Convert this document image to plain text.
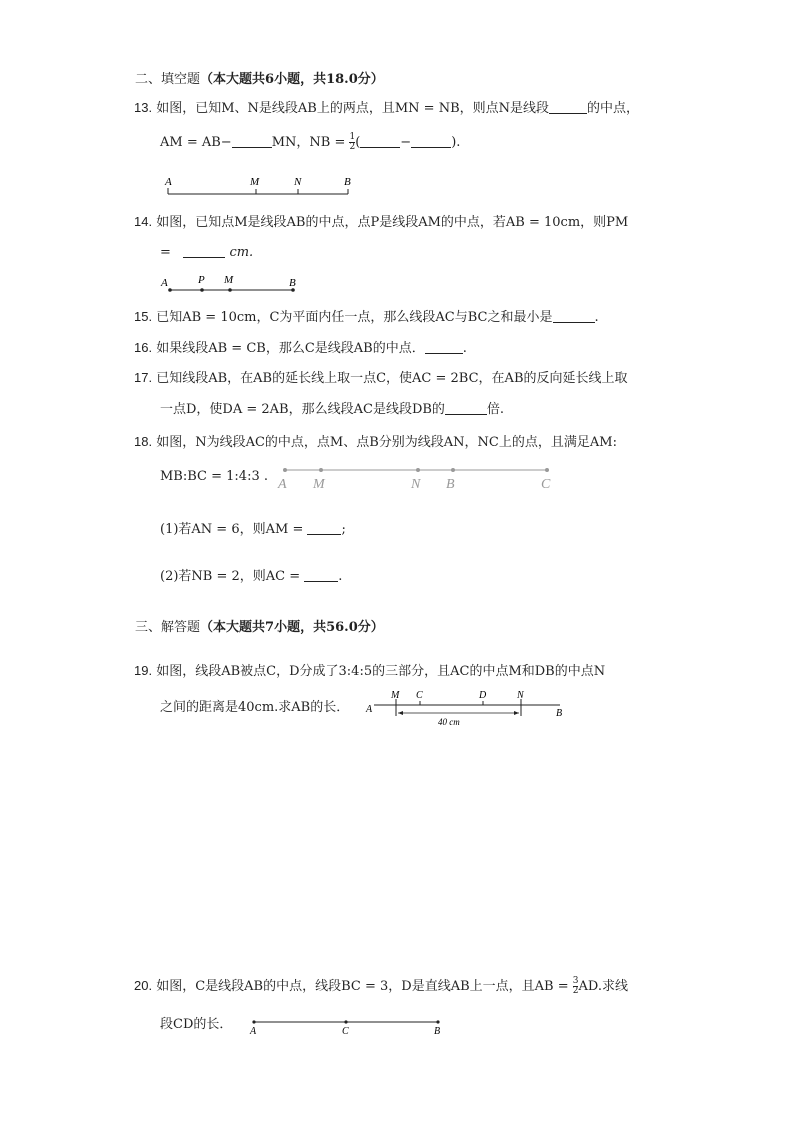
二、填空题（本大题共6小题，共18.0分）
13. 如图，已知M、N是线段AB上的两点，且MN = NB，则点N是线段	的中点，
AM = AB−	MN，NB = $\frac{1}{2}$ (	−	).
A	M	N	B
14. 如图，已知点M是线段AB的中点，点P是线段AM的中点，若AB = 10cm，则PM
=	cm.
A	P M	B
15. 已知AB = 10cm，C为平面内任一点，那么线段AC与BC之和最小是	.
16. 如果线段AB = CB，那么C是线段AB的中点．	.
17. 已知线段AB，在AB的延长线上取一点C，使AC = 2BC，在AB的反向延长线上取
一点D，使DA = 2AB，那么线段AC是线段DB的	倍.
18. 如图，N为线段AC的中点，点M、点B分别为线段AN，NC上的点，且满足AM:
MB:BC = 1:4:3 .
A M	N B	C
(1)若AN = 6，则AM =	;
(2)若NB = 2，则AC =	.
三、解答题（本大题共7小题，共56.0分）
19. 如图，线段AB被点C，D分成了3:4:5的三部分，且AC的中点M和DB的中点N
之间的距离是40cm.求AB的长． A
M C	D	N
B
40 cm
20. 如图，C是线段AB的中点，线段BC = 3，D是直线AB上一点，且AB = $\frac{3}{2}$ AD.求线
段CD的长． A	C	B
